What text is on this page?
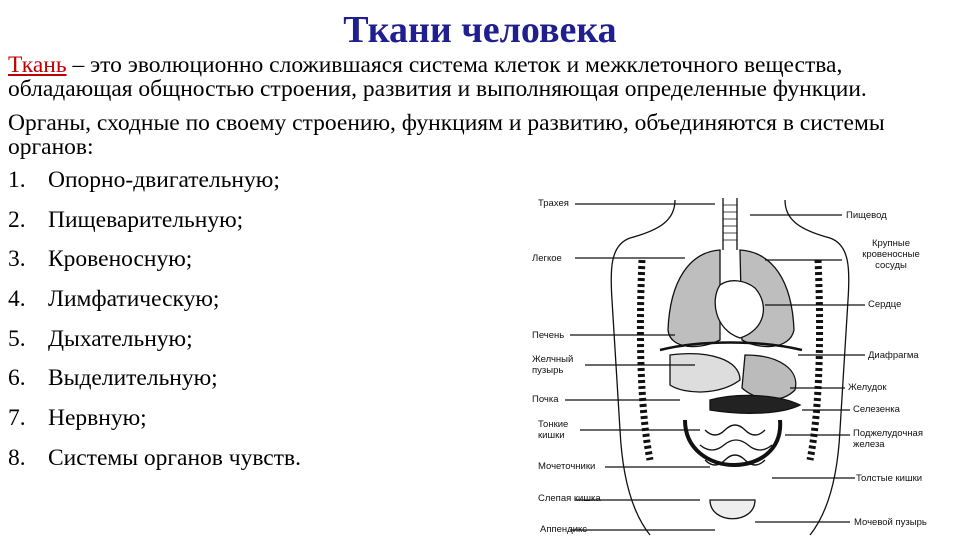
Ткани человека

Ткань – это эволюционно сложившаяся система клеток и межклеточного вещества, обладающая общностью строения, развития и выполняющая определенные функции.

Органы, сходные по своему строению, функциям и развитию, объединяются в системы органов:

1. Опорно-двигательную;
2. Пищеварительную;
3. Кровеносную;
4. Лимфатическую;
5. Дыхательную;
6. Выделительную;
7. Нервную;
8. Системы органов чувств.
Трахея
Легкое
Печень
Желчный пузырь
Почка
Тонкие кишки
Мочеточники
Слепая кишка
Аппендикс
Пищевод
Крупные кровеносные сосуды
Сердце
Диафрагма
Желудок
Селезенка
Поджелудочная железа
Толстые кишки
Мочевой пузырь
